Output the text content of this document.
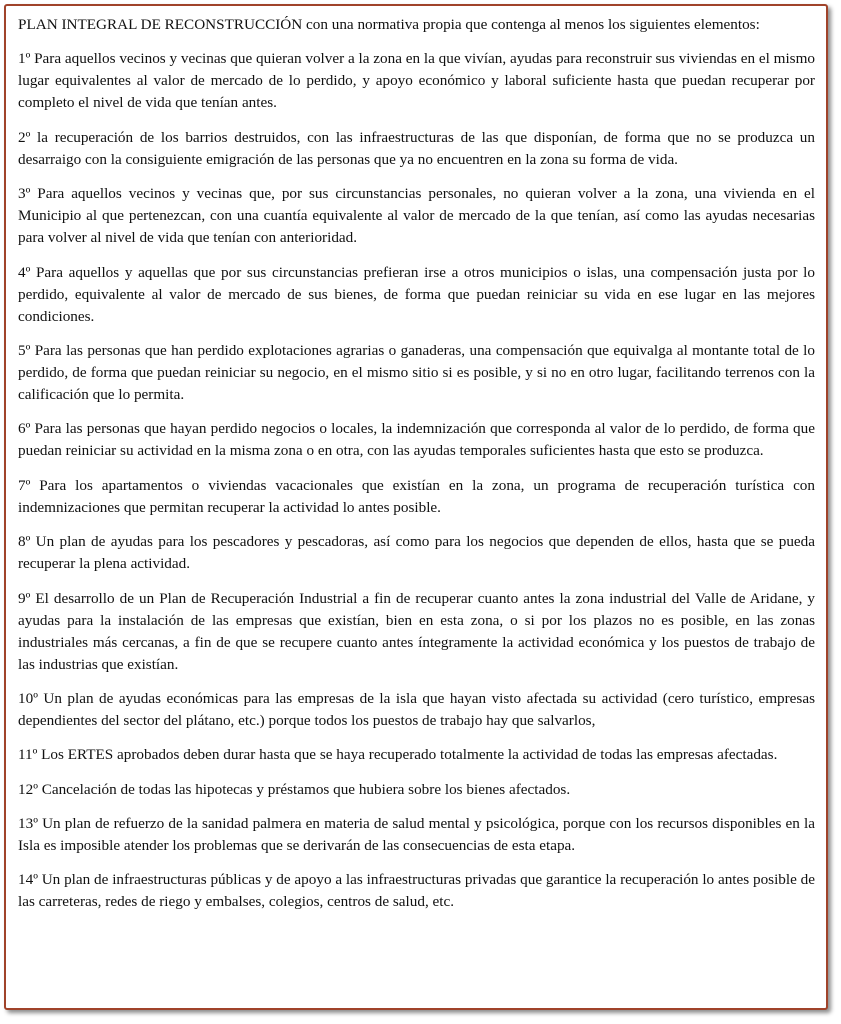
PLAN INTEGRAL DE RECONSTRUCCIÓN con una normativa propia que contenga al menos los siguientes elementos:

1º Para aquellos vecinos y vecinas que quieran volver a la zona en la que vivían, ayudas para reconstruir sus viviendas en el mismo lugar equivalentes al valor de mercado de lo perdido, y apoyo económico y laboral suficiente hasta que puedan recuperar por completo el nivel de vida que tenían antes.

2º la recuperación de los barrios destruidos, con las infraestructuras de las que disponían, de forma que no se produzca un desarraigo con la consiguiente emigración de las personas que ya no encuentren en la zona su forma de vida.

3º Para aquellos vecinos y vecinas que, por sus circunstancias personales, no quieran volver a la zona, una vivienda en el Municipio al que pertenezcan, con una cuantía equivalente al valor de mercado de la que tenían, así como las ayudas necesarias para volver al nivel de vida que tenían con anterioridad.

4º Para aquellos y aquellas que por sus circunstancias prefieran irse a otros municipios o islas, una compensación justa por lo perdido, equivalente al valor de mercado de sus bienes, de forma que puedan reiniciar su vida en ese lugar en las mejores condiciones.

5º Para las personas que han perdido explotaciones agrarias o ganaderas, una compensación que equivalga al montante total de lo perdido, de forma que puedan reiniciar su negocio, en el mismo sitio si es posible, y si no en otro lugar, facilitando terrenos con la calificación que lo permita.

6º Para las personas que hayan perdido negocios o locales, la indemnización que corresponda al valor de lo perdido, de forma que puedan reiniciar su actividad en la misma zona o en otra, con las ayudas temporales suficientes hasta que esto se produzca.

7º Para los apartamentos o viviendas vacacionales que existían en la zona, un programa de recuperación turística con indemnizaciones que permitan recuperar la actividad lo antes posible.

8º Un plan de ayudas para los pescadores y pescadoras, así como para los negocios que dependen de ellos, hasta que se pueda recuperar la plena actividad.

9º El desarrollo de un Plan de Recuperación Industrial a fin de recuperar cuanto antes la zona industrial del Valle de Aridane, y ayudas para la instalación de las empresas que existían, bien en esta zona, o si por los plazos no es posible, en las zonas industriales más cercanas, a fin de que se recupere cuanto antes íntegramente la actividad económica y los puestos de trabajo de las industrias que existían.

10º Un plan de ayudas económicas para las empresas de la isla que hayan visto afectada su actividad (cero turístico, empresas dependientes del sector del plátano, etc.) porque todos los puestos de trabajo hay que salvarlos,

11º Los ERTES aprobados deben durar hasta que se haya recuperado totalmente la actividad de todas las empresas afectadas.

12º Cancelación de todas las hipotecas y préstamos que hubiera sobre los bienes afectados.

13º Un plan de refuerzo de la sanidad palmera en materia de salud mental y psicológica, porque con los recursos disponibles en la Isla es imposible atender los problemas que se derivarán de las consecuencias de esta etapa.

14º Un plan de infraestructuras públicas y de apoyo a las infraestructuras privadas que garantice la recuperación lo antes posible de las carreteras, redes de riego y embalses, colegios, centros de salud, etc.
